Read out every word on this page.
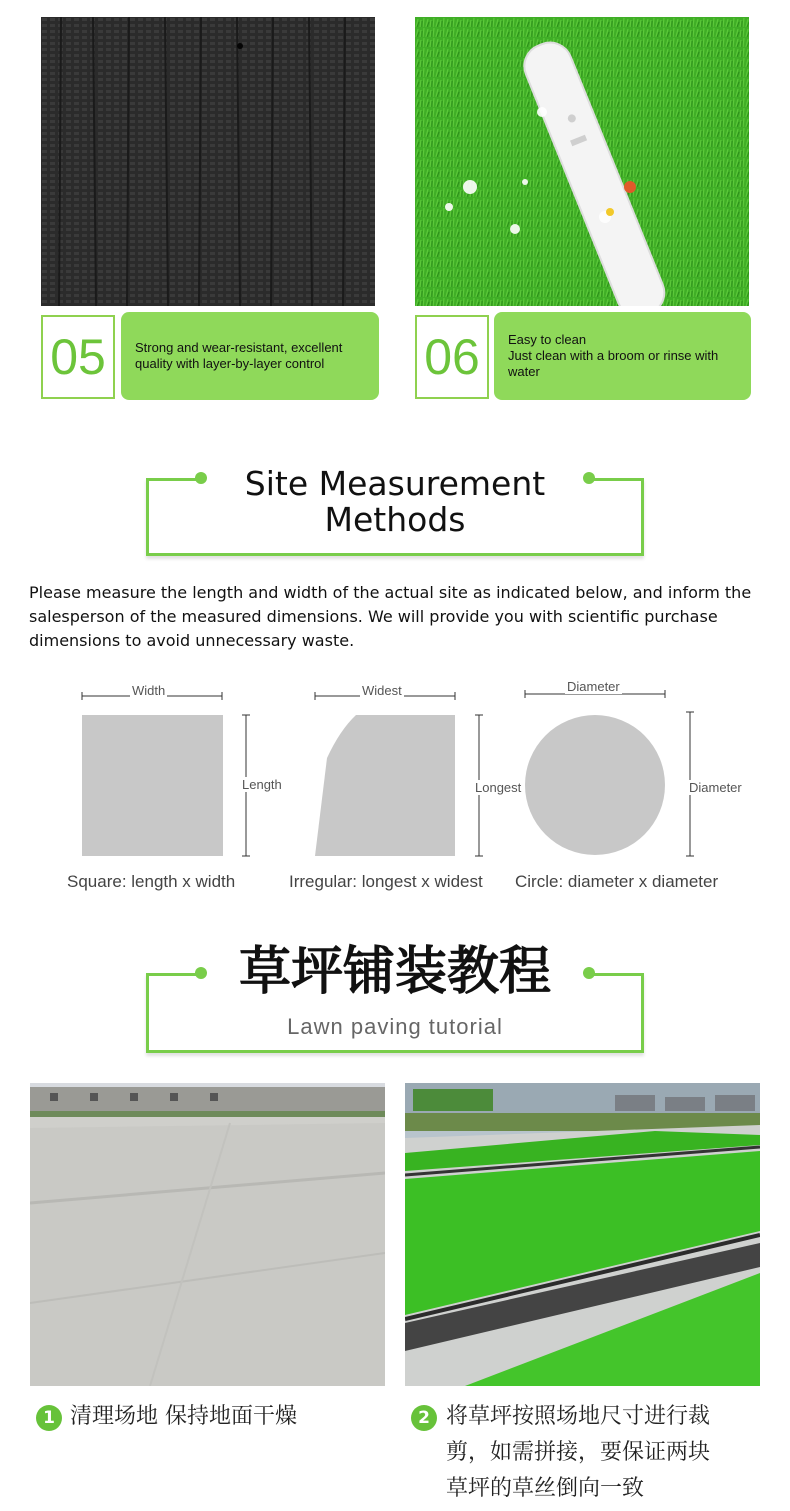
05 Strong and wear-resistant, excellent
quality with layer-by-layer control	06 Easy to clean
Just clean with a broom or rinse with
water
Site Measurement
Methods
Please measure the length and width of the actual site as indicated below, and inform the salesperson of the measured dimensions. We will provide you with scientific purchase dimensions to avoid unnecessary waste.
Width
Length
Widest
Longest
Diameter
Diameter
Square: length x width	Irregular: longest x widest Circle: diameter x diameter
草坪铺装教程
Lawn paving tutorial
1 清理场地 保持地面干燥	2 将草坪按照场地尺寸进行裁
剪，如需拼接，要保证两块
草坪的草丝倒向一致
